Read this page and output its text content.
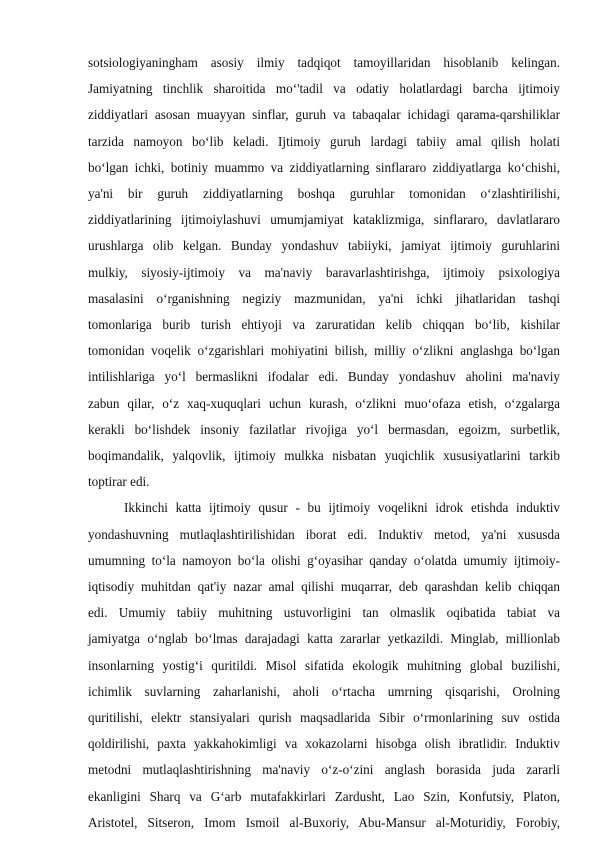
sotsiologiyaningham asosiy ilmiy tadqiqot tamoyillaridan hisoblanib kelingan.
Jamiyatning tinchlik sharoitida mo‘'tadil va odatiy holatlardagi barcha ijtimoiy
ziddiyatlari asosan muayyan sinflar, guruh va tabaqalar ichidagi qarama-qarshiliklar
tarzida namoyon bo‘lib keladi. Ijtimoiy guruh lardagi tabiiy amal qilish holati
bo‘lgan ichki, botiniy muammo va ziddiyatlarning sinflararo ziddiyatlarga ko‘chishi,
ya'ni bir guruh ziddiyatlarning boshqa guruhlar tomonidan o‘zlashtirilishi,
ziddiyatlarining ijtimoiylashuvi umumjamiyat kataklizmiga, sinflararo, davlatlararo
urushlarga olib kelgan. Bunday yondashuv tabiiyki, jamiyat ijtimoiy guruhlarini
mulkiy, siyosiy-ijtimoiy va ma'naviy baravarlashtirishga, ijtimoiy psixologiya
masalasini o‘rganishning negiziy mazmunidan, ya'ni ichki jihatlaridan tashqi
tomonlariga burib turish ehtiyoji va zaruratidan kelib chiqqan bo‘lib, kishilar
tomonidan voqelik o‘zgarishlari mohiyatini bilish, milliy o‘zlikni anglashga bo‘lgan
intilishlariga yo‘l bermaslikni ifodalar edi. Bunday yondashuv aholini ma'naviy
zabun qilar, o‘z xaq-xuquqlari uchun kurash, o‘zlikni muo‘ofaza etish, o‘zgalarga
kerakli bo‘lishdek insoniy fazilatlar rivojiga yo‘l bermasdan, egoizm, surbetlik,
boqimandalik, yalqovlik, ijtimoiy mulkka nisbatan yuqichlik xususiyatlarini tarkib
toptirar edi.
Ikkinchi katta ijtimoiy qusur - bu ijtimoiy voqelikni idrok etishda induktiv
yondashuvning mutlaqlashtirilishidan iborat edi. Induktiv metod, ya'ni xususda
umumning to‘la namoyon bo‘la olishi g‘oyasihar qanday o‘olatda umumiy ijtimoiy-
iqtisodiy muhitdan qat'iy nazar amal qilishi muqarrar, deb qarashdan kelib chiqqan
edi. Umumiy tabiiy muhitning ustuvorligini tan olmaslik oqibatida tabiat va
jamiyatga o‘nglab bo‘lmas darajadagi katta zararlar yetkazildi. Minglab, millionlab
insonlarning yostig‘i quritildi. Misol sifatida ekologik muhitning global buzilishi,
ichimlik suvlarning zaharlanishi, aholi o‘rtacha umrning qisqarishi, Orolning
quritilishi, elektr stansiyalari qurish maqsadlarida Sibir o‘rmonlarining suv ostida
qoldirilishi, paxta yakkahokimligi va xokazolarni hisobga olish ibratlidir. Induktiv
metodni mutlaqlashtirishning ma'naviy o‘z-o‘zini anglash borasida juda zararli
ekanligini Sharq va G‘arb mutafakkirlari Zardusht, Lao Szin, Konfutsiy, Platon,
Aristotel, Sitseron, Imom Ismoil al-Buxoriy, Abu-Mansur al-Moturidiy, Forobiy,
